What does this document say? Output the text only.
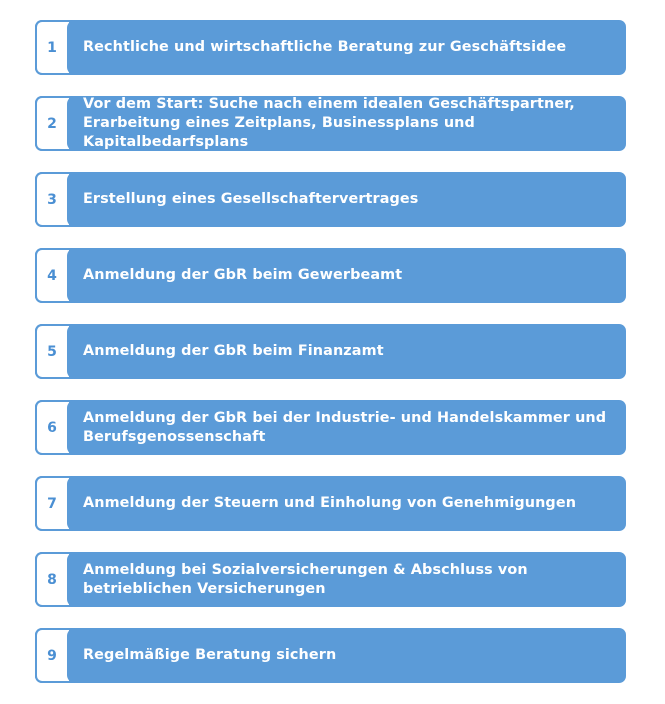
1	Rechtliche und wirtschaftliche Beratung zur Geschäftsidee
2
Vor dem Start: Suche nach einem idealen Geschäftspartner, Erarbeitung eines Zeitplans, Businessplans und Kapitalbedarfsplans
3	Erstellung eines Gesellschaftervertrages
4	Anmeldung der GbR beim Gewerbeamt
5	Anmeldung der GbR beim Finanzamt
6
Anmeldung der GbR bei der Industrie- und Handelskammer und Berufsgenossenschaft
7	Anmeldung der Steuern und Einholung von Genehmigungen
8
Anmeldung bei Sozialversicherungen & Abschluss von betrieblichen Versicherungen
9	Regelmäßige Beratung sichern
